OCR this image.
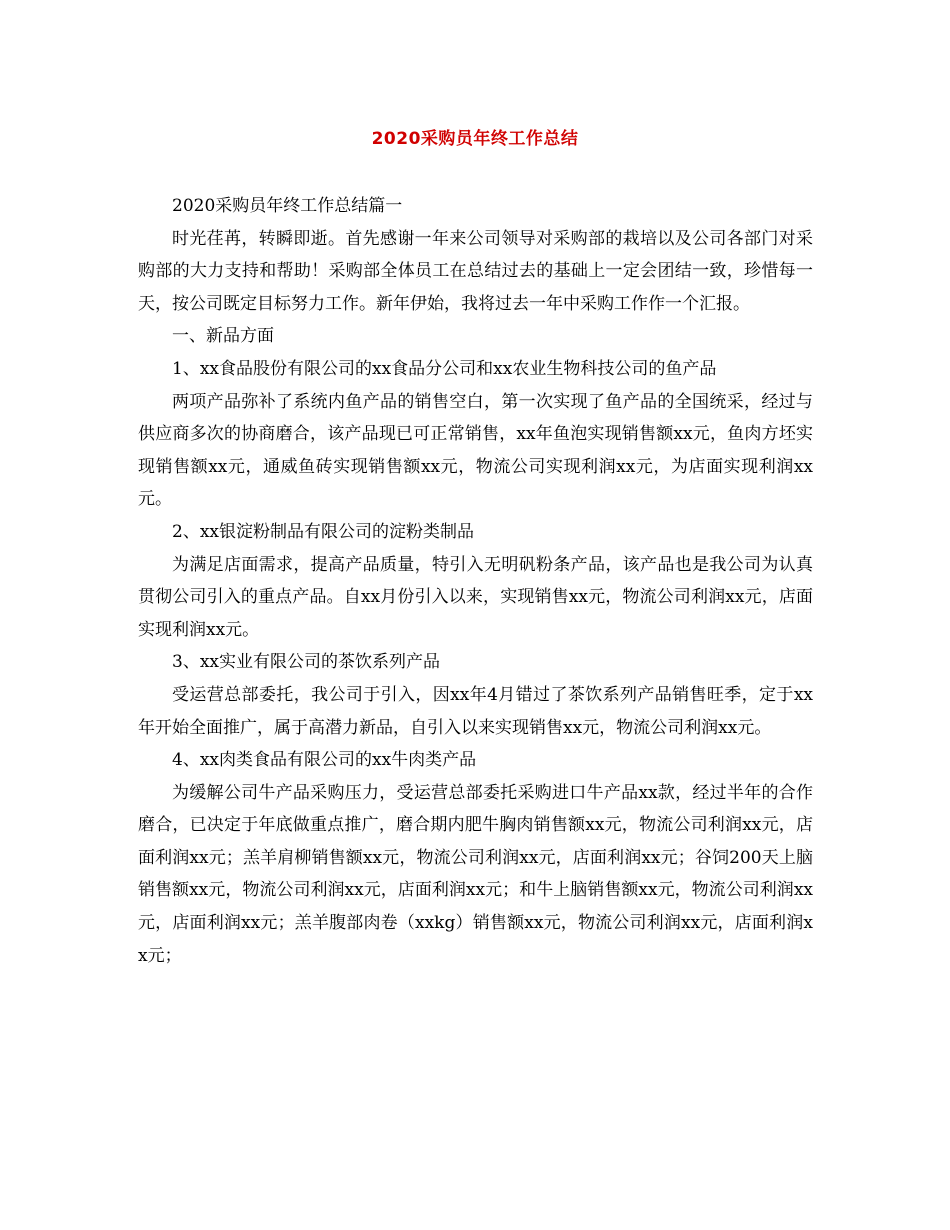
2020采购员年终工作总结

2020采购员年终工作总结篇一

时光荏苒，转瞬即逝。首先感谢一年来公司领导对采购部的栽培以及公司各部门对采购部的大力支持和帮助！采购部全体员工在总结过去的基础上一定会团结一致，珍惜每一天，按公司既定目标努力工作。新年伊始，我将过去一年中采购工作作一个汇报。

一、新品方面

1、xx食品股份有限公司的xx食品分公司和xx农业生物科技公司的鱼产品

两项产品弥补了系统内鱼产品的销售空白，第一次实现了鱼产品的全国统采，经过与供应商多次的协商磨合，该产品现已可正常销售，xx年鱼泡实现销售额xx元，鱼肉方坯实现销售额xx元，通威鱼砖实现销售额xx元，物流公司实现利润xx元，为店面实现利润xx元。

2、xx银淀粉制品有限公司的淀粉类制品

为满足店面需求，提高产品质量，特引入无明矾粉条产品，该产品也是我公司为认真贯彻公司引入的重点产品。自xx月份引入以来，实现销售xx元，物流公司利润xx元，店面实现利润xx元。

3、xx实业有限公司的茶饮系列产品

受运营总部委托，我公司于引入，因xx年4月错过了茶饮系列产品销售旺季，定于xx年开始全面推广，属于高潜力新品，自引入以来实现销售xx元，物流公司利润xx元。

4、xx肉类食品有限公司的xx牛肉类产品

为缓解公司牛产品采购压力，受运营总部委托采购进口牛产品xx款，经过半年的合作磨合，已决定于年底做重点推广，磨合期内肥牛胸肉销售额xx元，物流公司利润xx元，店面利润xx元；羔羊肩柳销售额xx元，物流公司利润xx元，店面利润xx元；谷饲200天上脑销售额xx元，物流公司利润xx元，店面利润xx元；和牛上脑销售额xx元，物流公司利润xx元，店面利润xx元；羔羊腹部肉卷（xxkg）销售额xx元，物流公司利润xx元，店面利润xx元；
